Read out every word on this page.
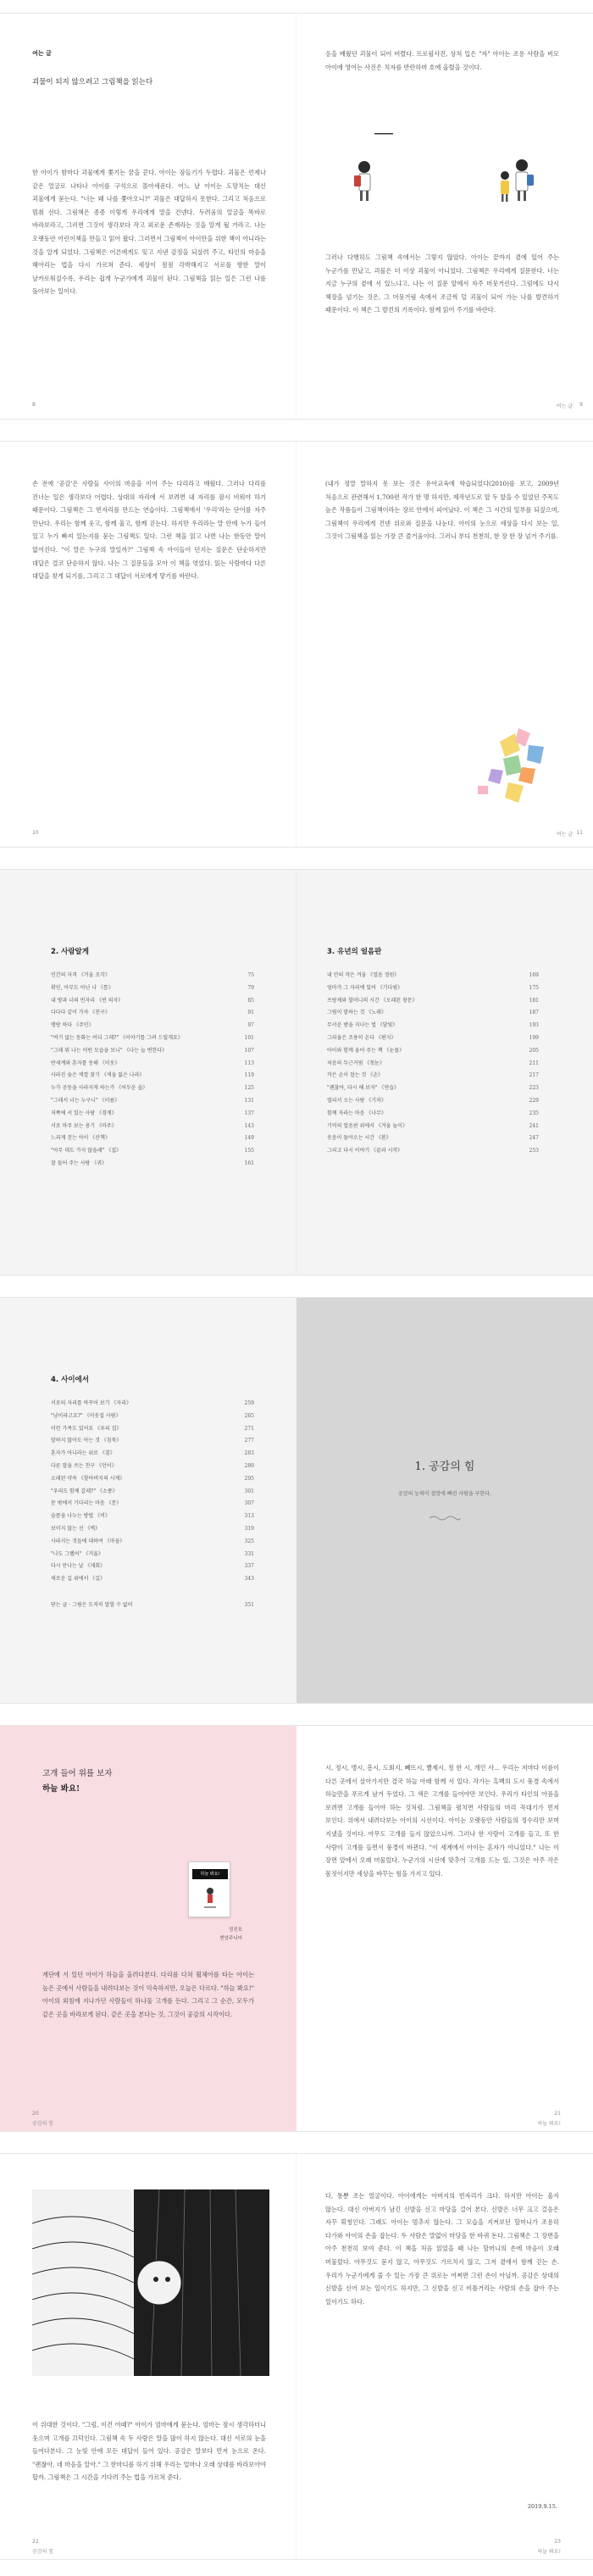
여는 글
괴물이 되지 않으려고 그림책을 읽는다
한 아이가 밤마다 괴물에게 쫓기는 꿈을 꾼다. 아이는 잠들기가 두렵다. 괴물은 언제나 같은 얼굴로 나타나 아이를 구석으로 몰아세운다. 어느 날 아이는 도망치는 대신 괴물에게 묻는다. "너는 왜 나를 쫓아오니?" 괴물은 대답하지 못한다. 그리고 처음으로 멈춰 선다. 그림책은 종종 이렇게 우리에게 말을 건넨다. 두려움의 얼굴을 똑바로 바라보라고, 그러면 그것이 생각보다 작고 외로운 존재라는 것을 알게 될 거라고. 나는 오랫동안 어린이책을 만들고 읽어 왔다. 그러면서 그림책이 아이만을 위한 책이 아니라는 것을 알게 되었다. 그림책은 어른에게도 잊고 지낸 감정을 되살려 주고, 타인의 마음을 헤아리는 법을 다시 가르쳐 준다. 세상이 점점 각박해지고 서로를 향한 말이 날카로워질수록, 우리는 쉽게 누군가에게 괴물이 된다. 그림책을 읽는 일은 그런 나를 돌아보는 일이다.
8
응을 배웠던 괴물이 되어 버렸다. 프로필사진, 상처 입은 "자" 아이는 조용 사람을 버모 아이에 영어는 사진은 치자를 반란하며 호에 올렸을 것이다.
그러나 다행히도 그림책 속에서는 그렇지 않았다. 아이는 끝까지 곁에 있어 주는 누군가를 만났고, 괴물은 더 이상 괴물이 아니었다. 그림책은 우리에게 질문한다. 너는 지금 누구의 곁에 서 있느냐고. 나는 이 질문 앞에서 자주 머뭇거린다. 그럼에도 다시 책장을 넘기는 것은, 그 머뭇거림 속에서 조금씩 덜 괴물이 되어 가는 나를 발견하기 때문이다. 이 책은 그 발견의 기록이다. 함께 읽어 주기를 바란다.
여는 글 9
손 전에 '공감'은 사람들 사이의 마음을 이어 주는 다리라고 배웠다. 그러나 다리를 건너는 일은 생각보다 어렵다. 상대의 자리에 서 보려면 내 자리를 잠시 비워야 하기 때문이다. 그림책은 그 빈자리를 만드는 연습이다. 그림책에서 '우리'라는 단어를 자주 만난다. 우리는 함께 웃고, 함께 울고, 함께 걷는다. 하지만 우리라는 말 안에 누가 들어 있고 누가 빠져 있는지를 묻는 그림책도 있다. 그런 책을 읽고 나면 나는 한동안 말이 없어진다. "이 말은 누구의 말일까?" 그림책 속 아이들이 던지는 질문은 단순하지만 대답은 결코 단순하지 않다. 나는 그 질문들을 모아 이 책을 엮었다. 읽는 사람마다 다른 대답을 찾게 되기를, 그리고 그 대답이 서로에게 닿기를 바란다.
10
(내가 정말 말하지 못 보는 것은 유아교육에 학습되었다(2010)를 보고, 2009년 처음으로 관련해서 1,700편 작가 한 명 하지만, 제작년도로 앞 두 앞을 수 있었던 주목도 높은 작품들이 그림책이라는 장르 안에서 피어났다. 이 책은 그 시간의 일부를 되짚으며, 그림책이 우리에게 건넨 위로와 질문을 나눈다. 아이의 눈으로 세상을 다시 보는 일, 그것이 그림책을 읽는 가장 큰 즐거움이다. 그러니 부디 천천히, 한 장 한 장 넘겨 주기를.
여는 글 11
2. 사람알게
민간의 자격 《거울 조각》	75
확인, 아무도 아닌 나 《틈》	79
내 방과 너의 빈자리 《빈 의자》	85
다다다 같이 가자 《친구》	91
맹랑 하다 《주인》	97
"여기 없는 동화는 어디 그래?" 《이야기를 그려 드릴게요》	101
"그래 뭐 나는 어떤 모습을 보니" 《나는 늘 변한다》	107
딴세계와 혼자를 동해 《이웃》	113
사라진 숨은 색깔 찾기 《색을 잃은 나라》	119
누가 공동을 사라지게 하는가 《어두운 숲》	125
"그래서 너는 누구니" 《이름》	131
저쪽에 서 있는 사람 《경계》	137
서로 마주 보는 용기 《마주》	143
느리게 걷는 아이 《산책》	149
"아무 데도 가지 않을래" 《집》	155
잘 들어 주는 사람 《귀》	161
3. 유년의 얼음판
내 안의 작은 겨울 《얼음 정원》	169
엄마가 그 자리에 있어 《기다림》	175
프랑케와 할머니의 시간 《오래된 창문》	181
그림이 말하는 것 《노래》	187
무서운 밤을 지나는 법 《달빛》	193
그리움은 조용히 온다 《편지》	199
아이와 함께 울어 주는 책 《눈물》	205
처음의 두근거림 《첫눈》	211
작은 손이 잡는 것 《손》	217
"괜찮아, 다시 해 보자" 《연습》	223
멀리서 오는 사람 《기차》	229
함께 자라는 마음 《나무》	235
기억의 얼음판 위에서 《겨울 놀이》	241
웃음이 돌아오는 시간 《봄》	247
그리고 다시 이야기 《끝과 시작》	253
4. 사이에서
서로의 자리를 바꾸어 보기 《자리》	259
"남이라고요?" 《이웃집 사람》	265
이런 가족도 있어요 《우리 집》	271
말하지 않아도 아는 것 《침묵》	277
혼자가 아니라는 위로 《곁》	283
다른 말을 쓰는 친구 《언어》	289
오래된 약속 《할아버지의 시계》	295
"우리도 함께 갈래?" 《소풍》	301
문 밖에서 기다리는 마음 《문》	307
슬픔을 나누는 방법 《비》	313
보이지 않는 선 《벽》	319
사라지는 것들에 대하여 《마을》	325
"나도 그랬어" 《거울》	331
다시 만나는 날 《재회》	337
새로운 길 위에서 《길》	343
닫는 글 · 그림은 도저히 말할 수 없어	351
1. 공감의 힘
공감의 능력이 절망에 빠진 사람을 구한다.
고개 들어 위를 보자
하늘 봐요!
하늘 봐요!
정진호
현암주니어
계단에 서 있던 아이가 하늘을 올려다본다. 다리를 다쳐 휠체어를 타는 아이는 높은 곳에서 사람들을 내려다보는 것이 익숙하지만, 오늘은 다르다. "하늘 봐요!" 아이의 외침에 지나가던 사람들이 하나둘 고개를 든다. 그리고 그 순간, 모두가 같은 곳을 바라보게 된다. 같은 곳을 본다는 것, 그것이 공감의 시작이다.
20
공감의 힘
시, 정시, 병시, 흥시, 도회지, 뻬뜨시, 빨제시, 칭 한 시, 개인 사... 우리는 저마다 이름이 다른 곳에서 살아가지만 결국 하늘 아래 함께 서 있다. 작가는 흑백의 도시 풍경 속에서 하늘만을 푸르게 남겨 두었다. 그 색은 고개를 들어야만 보인다. 우리가 타인의 아픔을 보려면 고개를 들어야 하는 것처럼. 그림책을 펼치면 사람들의 머리 꼭대기가 먼저 보인다. 위에서 내려다보는 아이의 시선이다. 아이는 오랫동안 사람들의 정수리만 보며 지냈을 것이다. 아무도 고개를 들지 않았으니까. 그러나 한 사람이 고개를 들고, 또 한 사람이 고개를 들면서 풍경이 바뀐다. "이 세계에서 아이는 혼자가 아니었다." 나는 이 장면 앞에서 오래 머물렀다. 누군가의 시선에 맞추어 고개를 드는 일, 그것은 아주 작은 몸짓이지만 세상을 바꾸는 힘을 가지고 있다.
21
하늘 봐요!
이 위대한 것이다. "그럼, 이건 어때?" 아이가 엄마에게 묻는다. 엄마는 잠시 생각하더니 웃으며 고개를 끄덕인다. 그림책 속 두 사람은 말을 많이 하지 않는다. 대신 서로의 눈을 들여다본다. 그 눈빛 안에 모든 대답이 들어 있다. 공감은 말보다 먼저 눈으로 온다. "괜찮아, 네 마음을 알아." 그 한마디를 하기 위해 우리는 얼마나 오래 상대를 바라보아야 할까. 그림책은 그 시간을 기다려 주는 법을 가르쳐 준다.
22
공감의 힘
다, 통뿐 조는 얼굴이다. 아이에게는 아버지의 빈자리가 크다. 하지만 아이는 울지 않는다. 대신 아버지가 남긴 신발을 신고 마당을 걸어 본다. 신발은 너무 크고 걸음은 자꾸 휘청인다. 그래도 아이는 멈추지 않는다. 그 모습을 지켜보던 할머니가 조용히 다가와 아이의 손을 잡는다. 두 사람은 말없이 마당을 한 바퀴 돈다. 그림책은 그 장면을 아주 천천히 보여 준다. 이 책을 처음 읽었을 때 나는 할머니의 손에 마음이 오래 머물렀다. 아무것도 묻지 않고, 아무것도 가르치지 않고, 그저 곁에서 함께 걷는 손. 우리가 누군가에게 줄 수 있는 가장 큰 위로는 어쩌면 그런 손이 아닐까. 공감은 상대의 신발을 신어 보는 일이기도 하지만, 그 신발을 신고 비틀거리는 사람의 손을 잡아 주는 일이기도 하다.
2019.9.15.
23
하늘 봐요!
